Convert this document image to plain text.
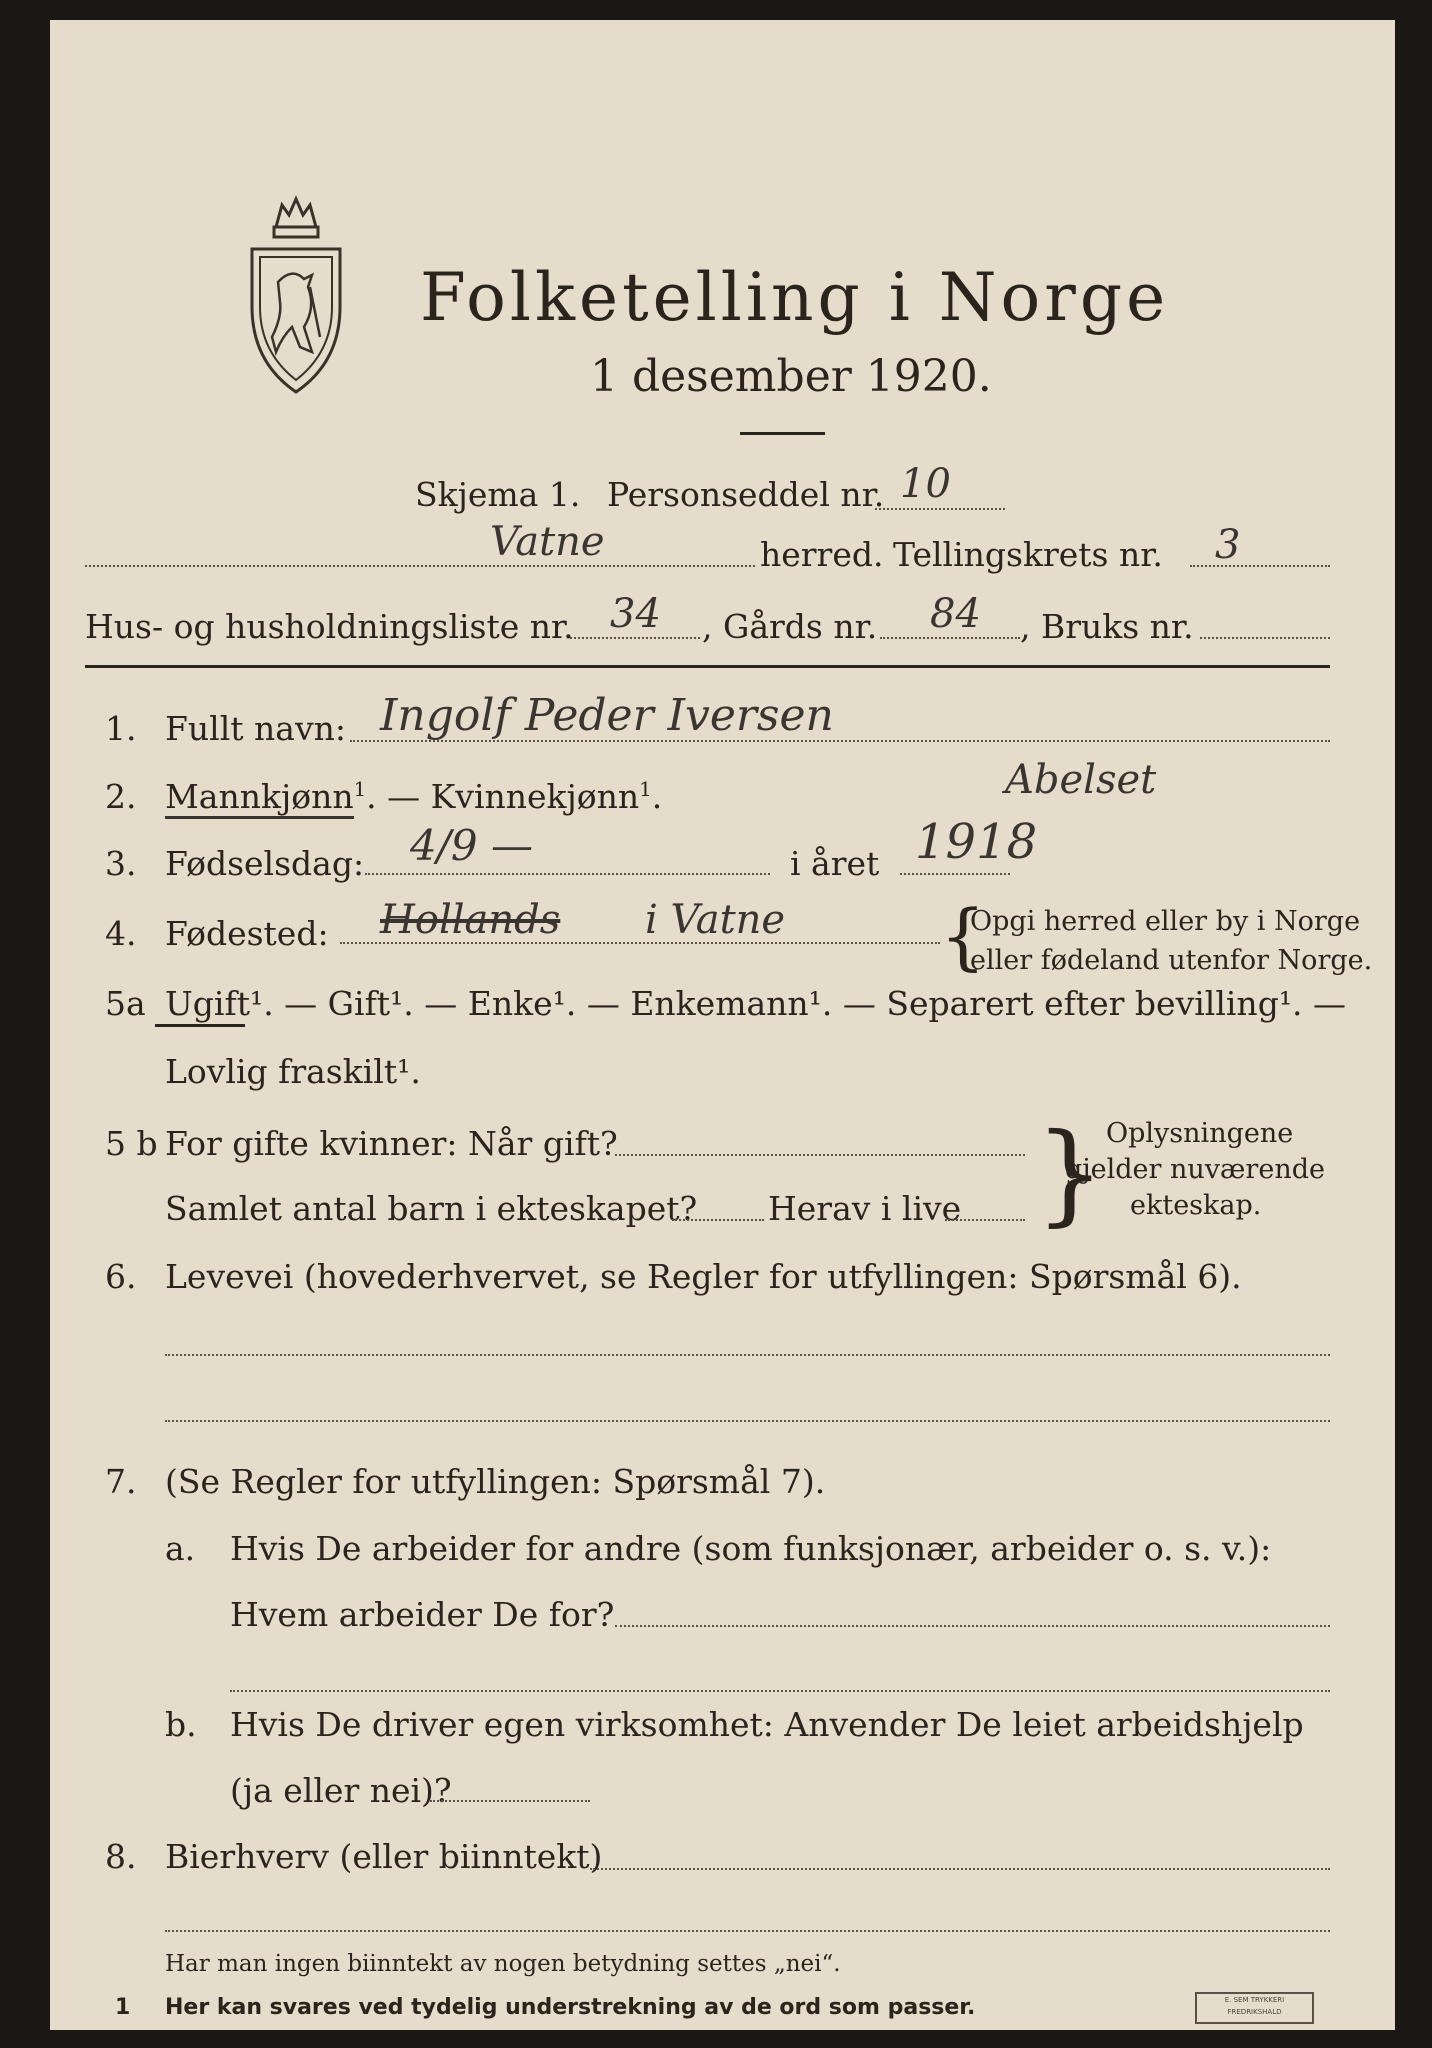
Folketelling i Norge
1 desember 1920.
Skjema 1. Personseddel nr. 10
Vatne	herred. Tellingskrets nr. 3
Hus- og husholdningsliste nr. 34 , Gårds nr. 84 , Bruks nr.
1. Fullt navn: Ingolf Peder Iversen
Abelset
2. Mannkjønn$^1$. — Kvinnekjønn$^1$.
3. Fødselsdag: 4/9 —	i året 1918
4. Fødested: Hollands i Vatne {
Opgi herred eller by i Norge
eller fødeland utenfor Norge.
5a Ugift¹. — Gift¹. — Enke¹. — Enkemann¹. — Separert efter bevilling¹. —
Lovlig fraskilt¹.
5 b For gifte kvinner: Når gift?
Samlet antal barn i ekteskapet? Herav i live } Oplysningene
gjelder nuværende
ekteskap.
6. Levevei (hovederhvervet, se Regler for utfyllingen: Spørsmål 6).
7. (Se Regler for utfyllingen: Spørsmål 7).
a. Hvis De arbeider for andre (som funksjonær, arbeider o. s. v.):
Hvem arbeider De for?
b. Hvis De driver egen virksomhet: Anvender De leiet arbeidshjelp
(ja eller nei)?
8. Bierhverv (eller biinntekt)
Har man ingen biinntekt av nogen betydning settes „nei“.
1 Her kan svares ved tydelig understrekning av de ord som passer.	E. SEM TRYKKERI FREDRIKSHALD
